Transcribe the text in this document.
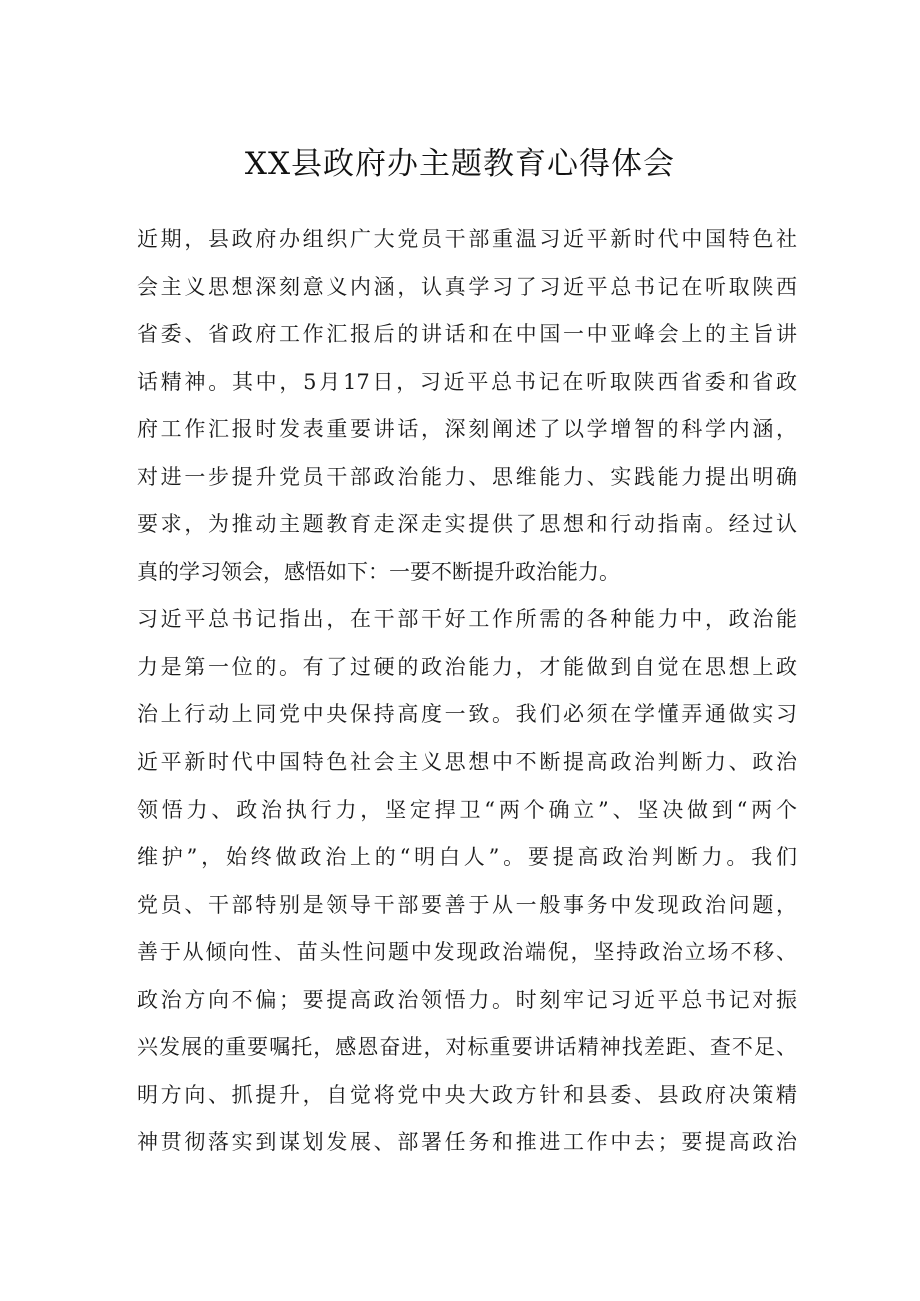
XX县政府办主题教育心得体会
近期，县政府办组织广大党员干部重温习近平新时代中国特色社
会主义思想深刻意义内涵，认真学习了习近平总书记在听取陕西
省委、省政府工作汇报后的讲话和在中国一中亚峰会上的主旨讲
话精神。其中，5月17日，习近平总书记在听取陕西省委和省政
府工作汇报时发表重要讲话，深刻阐述了以学增智的科学内涵，
对进一步提升党员干部政治能力、思维能力、实践能力提出明确
要求，为推动主题教育走深走实提供了思想和行动指南。经过认
真的学习领会，感悟如下：一要不断提升政治能力。
习近平总书记指出，在干部干好工作所需的各种能力中，政治能
力是第一位的。有了过硬的政治能力，才能做到自觉在思想上政
治上行动上同党中央保持高度一致。我们必须在学懂弄通做实习
近平新时代中国特色社会主义思想中不断提高政治判断力、政治
领悟力、政治执行力，坚定捍卫“两个确立”、坚决做到“两个
维护”，始终做政治上的“明白人”。要提高政治判断力。我们
党员、干部特别是领导干部要善于从一般事务中发现政治问题，
善于从倾向性、苗头性问题中发现政治端倪，坚持政治立场不移、
政治方向不偏；要提高政治领悟力。时刻牢记习近平总书记对振
兴发展的重要嘱托，感恩奋进，对标重要讲话精神找差距、查不足、
明方向、抓提升，自觉将党中央大政方针和县委、县政府决策精
神贯彻落实到谋划发展、部署任务和推进工作中去；要提高政治
